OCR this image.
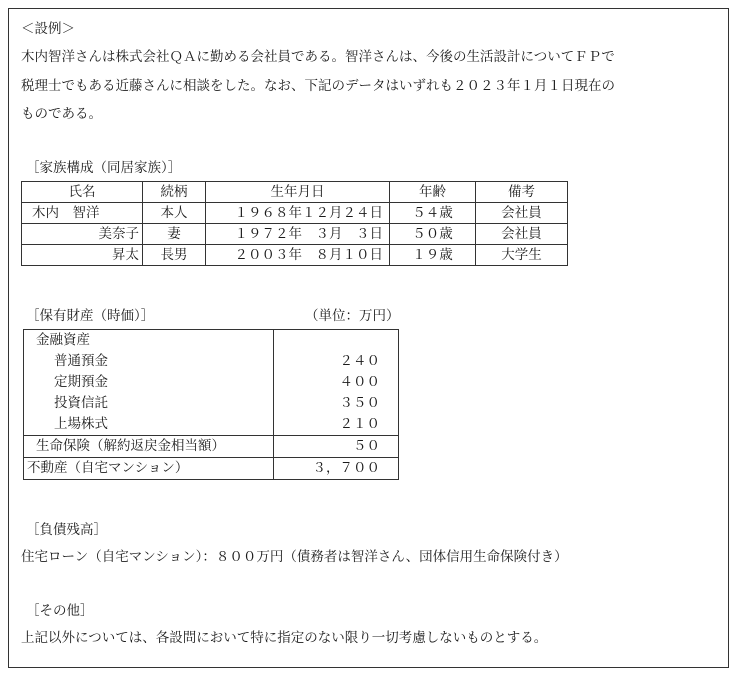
＜設例＞
木内智洋さんは株式会社ＱＡに勤める会社員である。智洋さんは、今後の生活設計についてＦＰで
税理士でもある近藤さんに相談をした。なお、下記のデータはいずれも２０２３年１月１日現在の
ものである。
［家族構成（同居家族）］
氏名	続柄	生年月日	年齢	備考
木内　智洋	本人	１９６８年１２月２４日	５４歳	会社員
美奈子	妻	１９７２年　３月　３日	５０歳	会社員
昇太	長男	２００３年　８月１０日	１９歳	大学生
［保有財産（時価）］	（単位：万円）
金融資産	
普通預金	２４０
定期預金	４００
投資信託	３５０
上場株式	２１０
生命保険（解約返戻金相当額）	５０
不動産（自宅マンション）	３，７００
［負債残高］
住宅ローン（自宅マンション）：８００万円（債務者は智洋さん、団体信用生命保険付き）
［その他］
上記以外については、各設問において特に指定のない限り一切考慮しないものとする。
